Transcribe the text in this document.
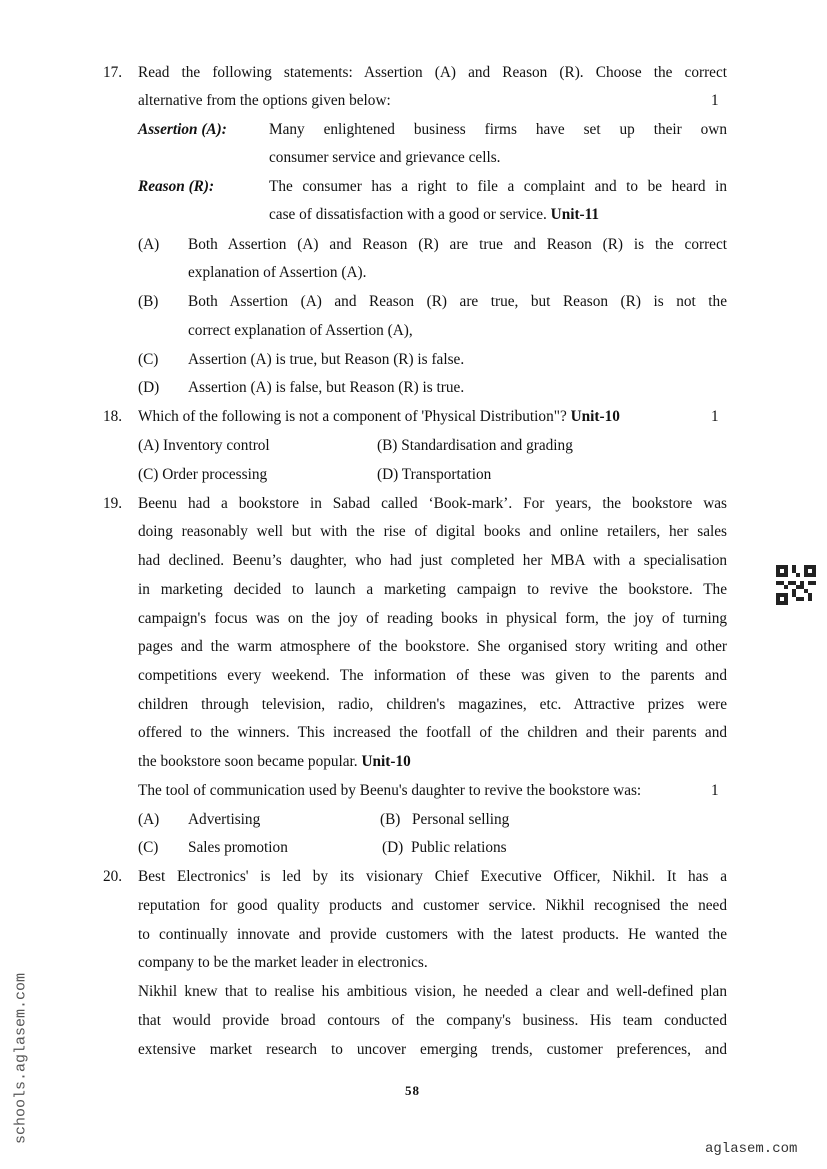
17. Read the following statements: Assertion (A) and Reason (R). Choose the correct
alternative from the options given below:	1
Assertion (A):	Many enlightened business firms have set up their own
consumer service and grievance cells.
Reason (R):	The consumer has a right to file a complaint and to be heard in
case of dissatisfaction with a good or service. Unit-11
(A)	Both Assertion (A) and Reason (R) are true and Reason (R) is the correct
explanation of Assertion (A).
(B)	Both Assertion (A) and Reason (R) are true, but Reason (R) is not the
correct explanation of Assertion (A),
(C)	Assertion (A) is true, but Reason (R) is false.
(D)	Assertion (A) is false, but Reason (R) is true.
18. Which of the following is not a component of 'Physical Distribution"? Unit-10	1
(A) Inventory control	(B) Standardisation and grading
(C) Order processing	(D) Transportation
19. Beenu had a bookstore in Sabad called ‘Book-mark’. For years, the bookstore was
doing reasonably well but with the rise of digital books and online retailers, her sales
had declined. Beenu’s daughter, who had just completed her MBA with a specialisation
in marketing decided to launch a marketing campaign to revive the bookstore. The
campaign's focus was on the joy of reading books in physical form, the joy of turning
pages and the warm atmosphere of the bookstore. She organised story writing and other
competitions every weekend. The information of these was given to the parents and
children through television, radio, children's magazines, etc. Attractive prizes were
offered to the winners. This increased the footfall of the children and their parents and
the bookstore soon became popular. Unit-10
The tool of communication used by Beenu's daughter to revive the bookstore was:	1
(A) Advertising	(B) Personal selling
(C) Sales promotion	(D) Public relations
20. Best Electronics' is led by its visionary Chief Executive Officer, Nikhil. It has a
reputation for good quality products and customer service. Nikhil recognised the need
to continually innovate and provide customers with the latest products. He wanted the
company to be the market leader in electronics.
Nikhil knew that to realise his ambitious vision, he needed a clear and well-defined plan
that would provide broad contours of the company's business. His team conducted
extensive market research to uncover emerging trends, customer preferences, and
58
schools.aglasem.com
aglasem.com
